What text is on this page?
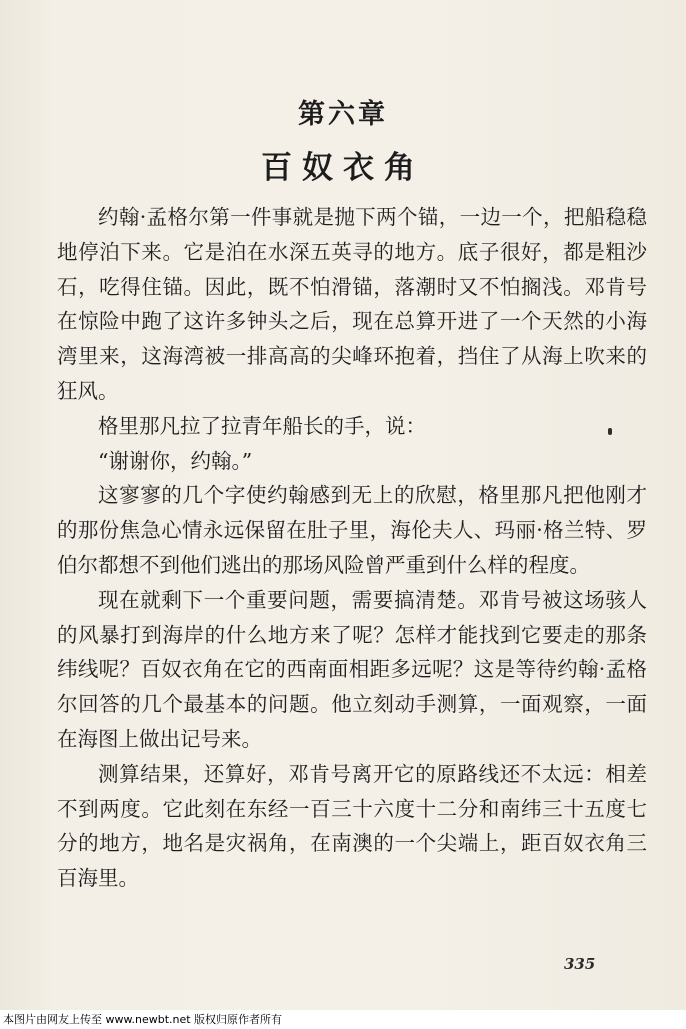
第六章
百奴衣角

约翰·孟格尔第一件事就是抛下两个锚，一边一个，把船稳稳地停泊下来。它是泊在水深五英寻的地方。底子很好，都是粗沙石，吃得住锚。因此，既不怕滑锚，落潮时又不怕搁浅。邓肯号在惊险中跑了这许多钟头之后，现在总算开进了一个天然的小海湾里来，这海湾被一排高高的尖峰环抱着，挡住了从海上吹来的狂风。

格里那凡拉了拉青年船长的手，说：

“谢谢你，约翰。”

这寥寥的几个字使约翰感到无上的欣慰，格里那凡把他刚才的那份焦急心情永远保留在肚子里，海伦夫人、玛丽·格兰特、罗伯尔都想不到他们逃出的那场风险曾严重到什么样的程度。

现在就剩下一个重要问题，需要搞清楚。邓肯号被这场骇人的风暴打到海岸的什么地方来了呢？怎样才能找到它要走的那条纬线呢？百奴衣角在它的西南面相距多远呢？这是等待约翰·孟格尔回答的几个最基本的问题。他立刻动手测算，一面观察，一面在海图上做出记号来。

测算结果，还算好，邓肯号离开它的原路线还不太远：相差不到两度。它此刻在东经一百三十六度十二分和南纬三十五度七分的地方，地名是灾祸角，在南澳的一个尖端上，距百奴衣角三百海里。

335
本图片由网友上传至 www.newbt.net 版权归原作者所有
